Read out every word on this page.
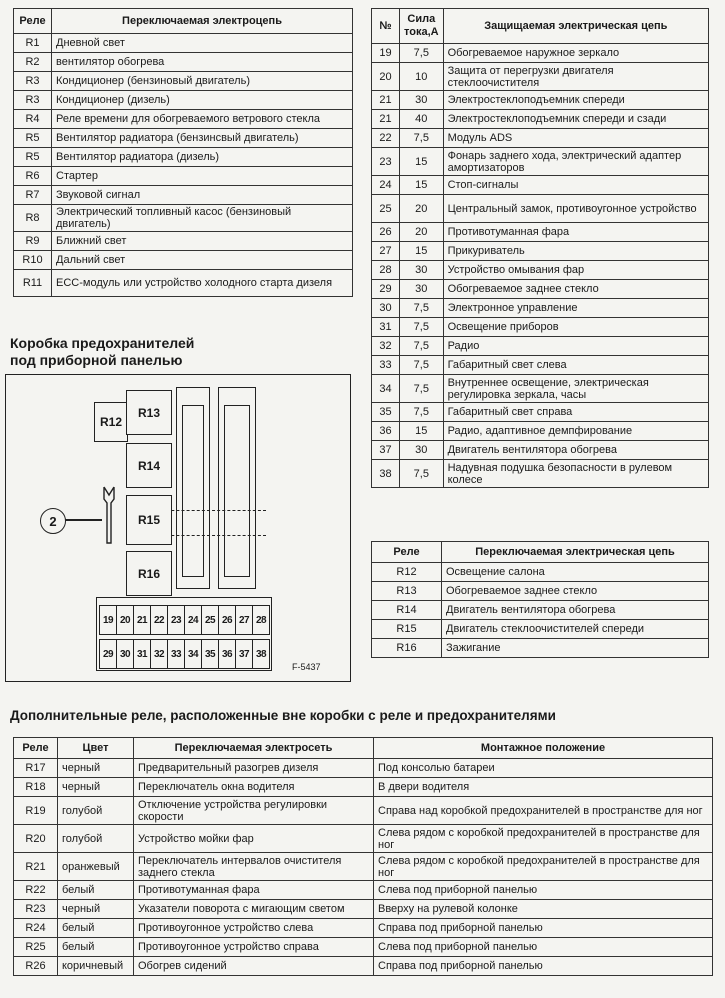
Реле	Переключаемая электроцепь
R1	Дневной свет
R2	вентилятор обогрева
R3	Кондиционер (бензиновый двигатель)
R3	Кондиционер (дизель)
R4	Реле времени для обогреваемого ветрового стекла
R5	Вентилятор радиатора (бензинсвый двигатель)
R5	Вентилятор радиатора (дизель)
R6	Стартер
R7	Звуковой сигнал
R8	Электрический топливный касос (бензиновый двигатель)
R9	Ближний свет
R10	Дальний свет
R11	ECC-модуль или устройство холодного старта дизеля
№	Сила тока,А	Защищаемая электрическая цепь
19	7,5	Обогреваемое наружное зеркало
20	10	Защита от перегрузки двигателя стеклоочистителя
21	30	Электростеклоподъемник спереди
21	40	Электростеклоподъемник спереди и сзади
22	7,5	Модуль ADS
23	15	Фонарь заднего хода, электрический адаптер амортизаторов
24	15	Стоп-сигналы
25	20	Центральный замок, противоугонное устройство
26	20	Противотуманная фара
27	15	Прикуриватель
28	30	Устройство омывания фар
29	30	Обогреваемое заднее стекло
30	7,5	Электронное управление
31	7,5	Освещение приборов
32	7,5	Радио
33	7,5	Габаритный свет слева
34	7,5	Внутреннее освещение, электрическая регулировка зеркала, часы
35	7,5	Габаритный свет справа
36	15	Радио, адаптивное демпфирование
37	30	Двигатель вентилятора обогрева
38	7,5	Надувная подушка безопасности в рулевом колесе
Коробка предохранителей
под приборной панелью
R12
R13
R14
R15
R16
2
19 20 21 22 23 24 25 26 27 28
29 30 31 32 33 34 35 36 37 38
F-5437
Реле	Переключаемая электрическая цепь
R12	Освещение салона
R13	Обогреваемое заднее стекло
R14	Двигатель вентилятора обогрева
R15	Двигатель стеклоочистителей спереди
R16	Зажигание
Дополнительные реле, расположенные вне коробки с реле и предохранителями
Реле	Цвет	Переключаемая электросеть	Монтажное положение
R17	черный	Предварительный разогрев дизеля	Под консолью батареи
R18	черный	Переключатель окна водителя	В двери водителя
R19	голубой	Отключение устройства регулировки скорости	Справа над коробкой предохранителей в пространстве для ног
R20	голубой	Устройство мойки фар	Слева рядом с коробкой предохранителей в пространстве для ног
R21	оранжевый	Переключатель интервалов очистителя заднего стекла	Слева рядом с коробкой предохранителей в пространстве для ног
R22	белый	Противотуманная фара	Слева под приборной панелью
R23	черный	Указатели поворота с мигающим светом	Вверху на рулевой колонке
R24	белый	Противоугонное устройство слева	Справа под приборной панелью
R25	белый	Противоугонное устройство справа	Слева под приборной панелью
R26	коричневый	Обогрев сидений	Справа под приборной панелью
